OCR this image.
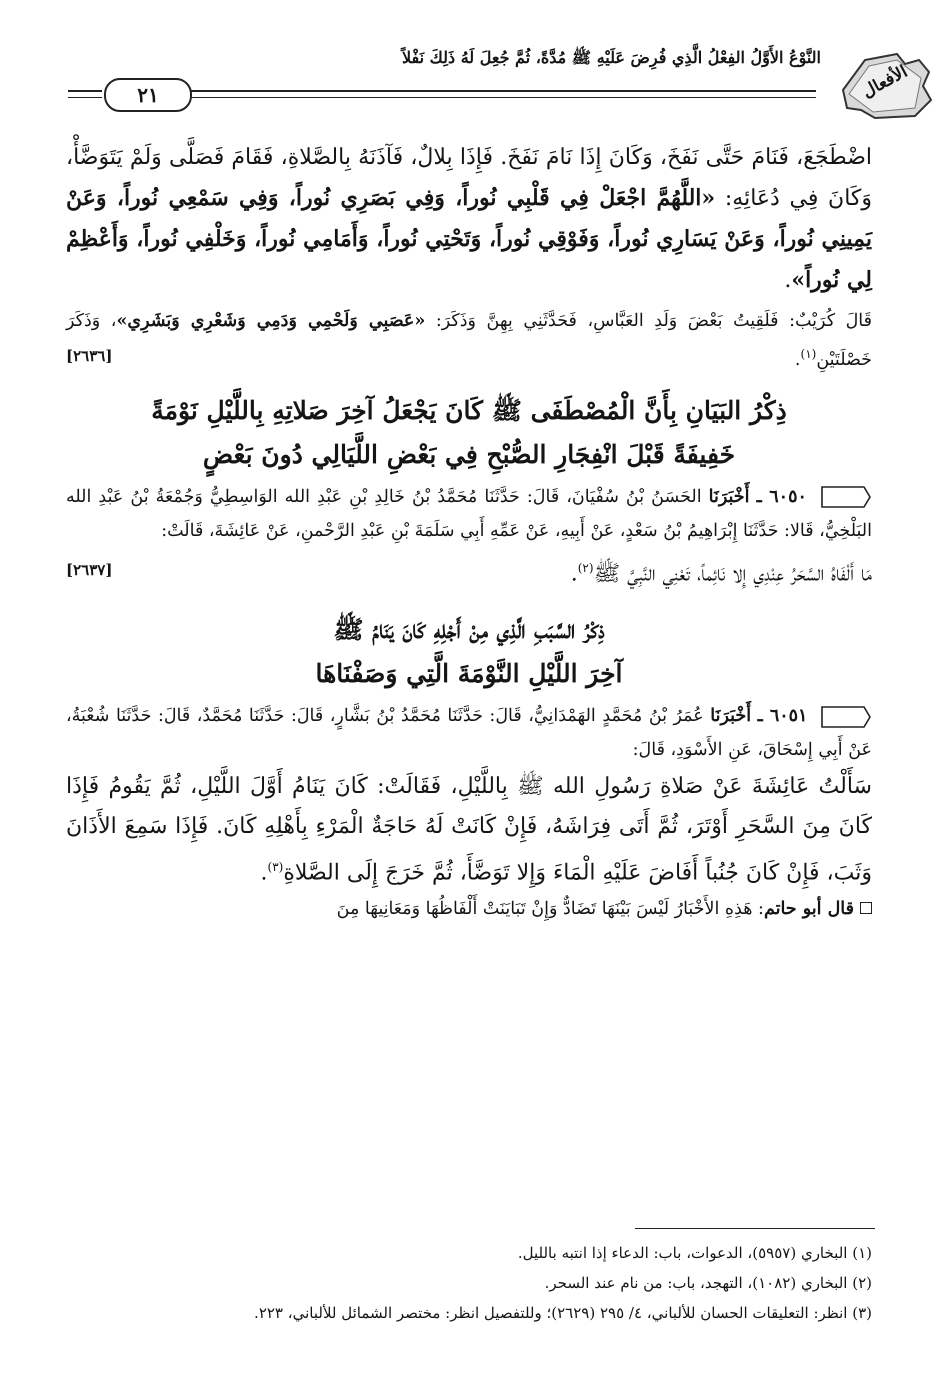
الأفعال
النَّوْعُ الأَوَّلُ الفِعْلُ الَّذِي فُرِضَ عَلَيْهِ ﷺ مُدَّةً، ثُمَّ جُعِلَ لَهُ ذَلِكَ نَفْلاً
٢١

اضْطَجَعَ، فَنَامَ حَتَّى نَفَخَ، وَكَانَ إِذَا نَامَ نَفَخَ. فَإِذَا بِلالٌ، فَآذَنَهُ بِالصَّلاةِ، فَقَامَ فَصَلَّى وَلَمْ يَتَوَضَّأْ، وَكَانَ فِي دُعَائِهِ: «اللَّهُمَّ اجْعَلْ فِي قَلْبِي نُوراً، وَفِي بَصَرِي نُوراً، وَفِي سَمْعِي نُوراً، وَعَنْ يَمِينِي نُوراً، وَعَنْ يَسَارِي نُوراً، وَفَوْقِي نُوراً، وَتَحْتِي نُوراً، وَأَمَامِي نُوراً، وَخَلْفِي نُوراً، وَأَعْظِمْ لِي نُوراً».

قَالَ كُرَيْبٌ: فَلَقِيتُ بَعْضَ وَلَدِ العَبَّاسِ، فَحَدَّثَنِي بِهِنَّ وَذَكَرَ: «عَصَبِي وَلَحْمِي وَدَمِي وَشَعْرِي وَبَشَرِي»، وَذَكَرَ خَصْلَتَيْنِ$^{(١)}$.
[٢٦٣٦]

ذِكْرُ البَيَانِ بِأَنَّ الْمُصْطَفَى ﷺ كَانَ يَجْعَلُ آخِرَ صَلاتِهِ بِاللَّيْلِ نَوْمَةً
خَفِيفَةً قَبْلَ انْفِجَارِ الصُّبْحِ فِي بَعْضِ اللَّيَالِي دُونَ بَعْضٍ

٦٠٥٠ ـ أَخْبَرَنَا الحَسَنُ بْنُ سُفْيَانَ، قَالَ: حَدَّثَنَا مُحَمَّدُ بْنُ خَالِدِ بْنِ عَبْدِ الله الوَاسِطِيُّ وَجُمْعَةُ بْنُ عَبْدِ الله البَلْخِيُّ، قَالا: حَدَّثَنَا إِبْرَاهِيمُ بْنُ سَعْدٍ، عَنْ أَبِيهِ، عَنْ عَمِّهِ أَبِي سَلَمَةَ بْنِ عَبْدِ الرَّحْمنِ، عَنْ عَائِشَةَ، قَالَتْ:

مَا أَلْفَاهُ السَّحَرُ عِنْدِي إِلا نَائِماً، تَعْنِي النَّبِيَّ ﷺ$^{(٢)}$.
[٢٦٣٧]

ذِكْرُ السَّبَبِ الَّذِي مِنْ أَجْلِهِ كَانَ يَنَامُ ﷺ
آخِرَ اللَّيْلِ النَّوْمَةَ الَّتِي وَصَفْنَاهَا

٦٠٥١ ـ أَخْبَرَنَا عُمَرُ بْنُ مُحَمَّدٍ الهَمْدَانِيُّ، قَالَ: حَدَّثَنَا مُحَمَّدُ بْنُ بَشَّارٍ، قَالَ: حَدَّثَنَا مُحَمَّدٌ، قَالَ: حَدَّثَنَا شُعْبَةُ، عَنْ أَبِي إِسْحَاقَ، عَنِ الأَسْوَدِ، قَالَ:

سَأَلْتُ عَائِشَةَ عَنْ صَلاةِ رَسُولِ الله ﷺ بِاللَّيْلِ، فَقَالَتْ: كَانَ يَنَامُ أَوَّلَ اللَّيْلِ، ثُمَّ يَقُومُ فَإِذَا كَانَ مِنَ السَّحَرِ أَوْتَرَ، ثُمَّ أَتَى فِرَاشَهُ، فَإِنْ كَانَتْ لَهُ حَاجَةٌ الْمَرْءِ بِأَهْلِهِ كَانَ. فَإِذَا سَمِعَ الأَذَانَ وَثَبَ، فَإِنْ كَانَ جُنُباً أَفَاضَ عَلَيْهِ الْمَاءَ وَإِلا تَوَضَّأَ، ثُمَّ خَرَجَ إِلَى الصَّلاةِ$^{(٣)}$.

قال أبو حاتم: هَذِهِ الأَخْبَارُ لَيْسَ بَيْنَهَا تَضَادٌّ وَإِنْ تَبَايَنَتْ أَلْفَاظُهَا وَمَعَانِيهَا مِنَ

(١) البخاري (٥٩٥٧)، الدعوات، باب: الدعاء إذا انتبه بالليل.

(٢) البخاري (١٠٨٢)، التهجد، باب: من نام عند السحر.

(٣) انظر: التعليقات الحسان للألباني، ٤/ ٢٩٥ (٢٦٢٩)؛ وللتفصيل انظر: مختصر الشمائل للألباني، ٢٢٣.
